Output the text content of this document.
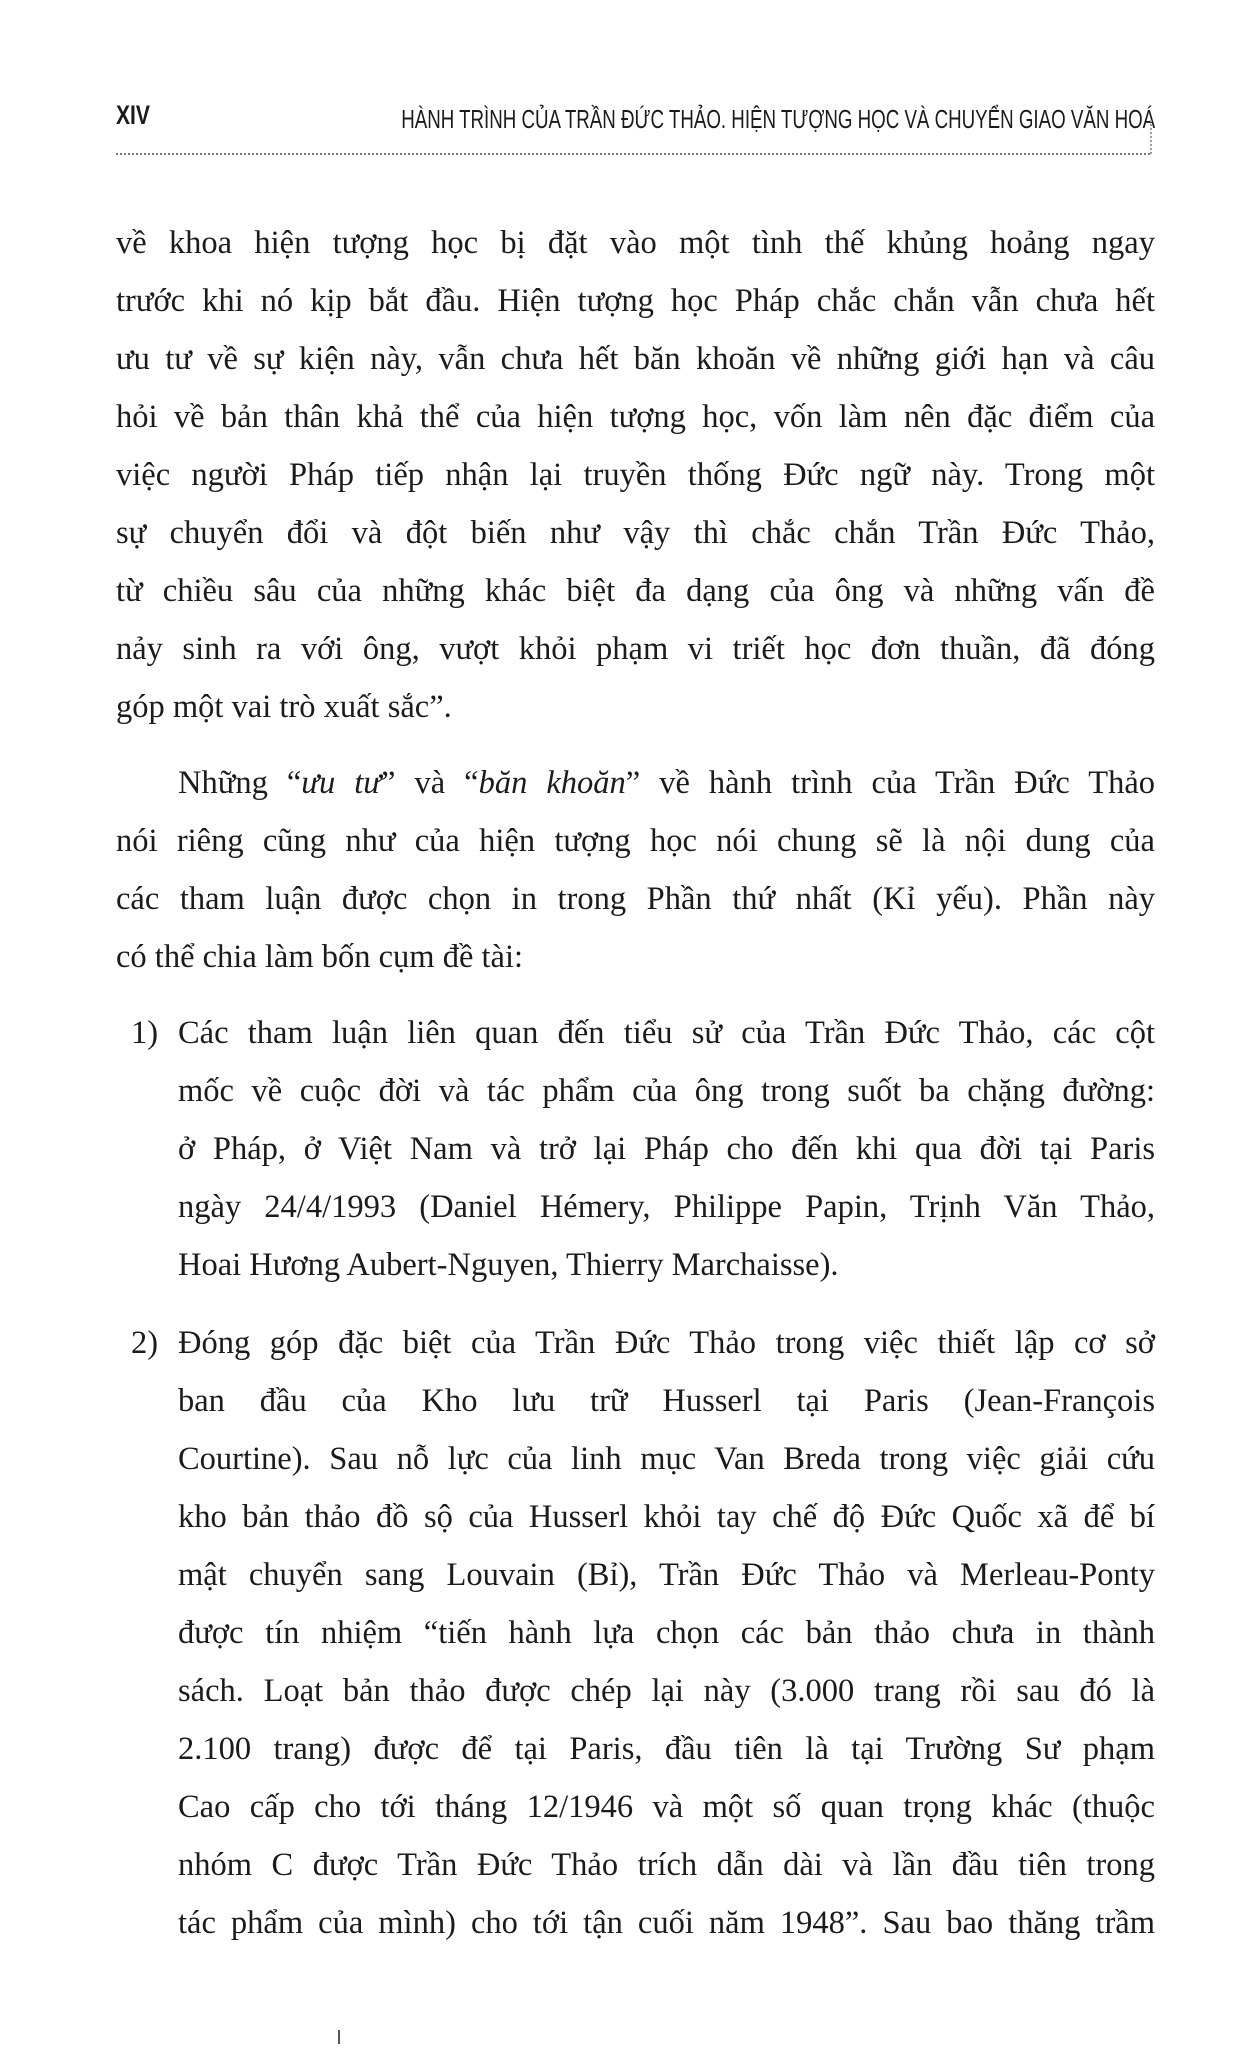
XIV	HÀNH TRÌNH CỦA TRẦN ĐỨC THẢO. HIỆN TƯỢNG HỌC VÀ CHUYỂN GIAO VĂN HOÁ
về khoa hiện tượng học bị đặt vào một tình thế khủng hoảng ngay
trước khi nó kịp bắt đầu. Hiện tượng học Pháp chắc chắn vẫn chưa hết
ưu tư về sự kiện này, vẫn chưa hết băn khoăn về những giới hạn và câu
hỏi về bản thân khả thể của hiện tượng học, vốn làm nên đặc điểm của
việc người Pháp tiếp nhận lại truyền thống Đức ngữ này. Trong một
sự chuyển đổi và đột biến như vậy thì chắc chắn Trần Đức Thảo,
từ chiều sâu của những khác biệt đa dạng của ông và những vấn đề
nảy sinh ra với ông, vượt khỏi phạm vi triết học đơn thuần, đã đóng
góp một vai trò xuất sắc”.
Những “ưu tư” và “băn khoăn” về hành trình của Trần Đức Thảo
nói riêng cũng như của hiện tượng học nói chung sẽ là nội dung của
các tham luận được chọn in trong Phần thứ nhất (Kỉ yếu). Phần này
có thể chia làm bốn cụm đề tài:
1) Các tham luận liên quan đến tiểu sử của Trần Đức Thảo, các cột
mốc về cuộc đời và tác phẩm của ông trong suốt ba chặng đường:
ở Pháp, ở Việt Nam và trở lại Pháp cho đến khi qua đời tại Paris
ngày 24/4/1993 (Daniel Hémery, Philippe Papin, Trịnh Văn Thảo,
Hoai Hương Aubert-Nguyen, Thierry Marchaisse).
2) Đóng góp đặc biệt của Trần Đức Thảo trong việc thiết lập cơ sở
ban đầu của Kho lưu trữ Husserl tại Paris (Jean-François
Courtine). Sau nỗ lực của linh mục Van Breda trong việc giải cứu
kho bản thảo đồ sộ của Husserl khỏi tay chế độ Đức Quốc xã để bí
mật chuyển sang Louvain (Bỉ), Trần Đức Thảo và Merleau-Ponty
được tín nhiệm “tiến hành lựa chọn các bản thảo chưa in thành
sách. Loạt bản thảo được chép lại này (3.000 trang rồi sau đó là
2.100 trang) được để tại Paris, đầu tiên là tại Trường Sư phạm
Cao cấp cho tới tháng 12/1946 và một số quan trọng khác (thuộc
nhóm C được Trần Đức Thảo trích dẫn dài và lần đầu tiên trong
tác phẩm của mình) cho tới tận cuối năm 1948”. Sau bao thăng trầm
